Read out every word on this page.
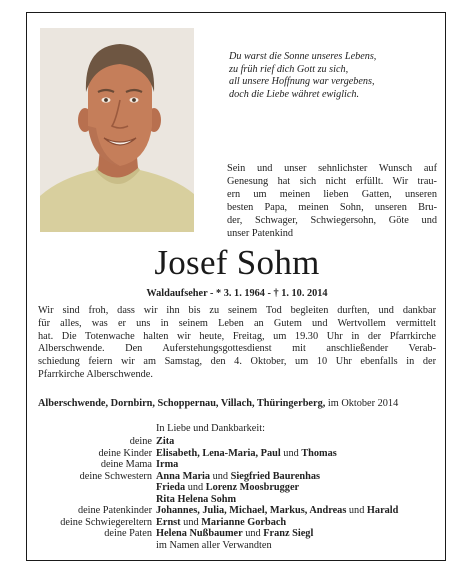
Du warst die Sonne unseres Lebens,
zu früh rief dich Gott zu sich,
all unsere Hoffnung war vergebens,
doch die Liebe währet ewiglich.
Sein und unser sehnlichster Wunsch auf
Genesung hat sich nicht erfüllt. Wir trau-
ern um meinen lieben Gatten, unseren
besten Papa, meinen Sohn, unseren Bru-
der, Schwager, Schwiegersohn, Göte und
unser Patenkind
Josef Sohm
Waldaufseher - * 3. 1. 1964 - † 1. 10. 2014
Wir sind froh, dass wir ihn bis zu seinem Tod begleiten durften, und dankbar
für alles, was er uns in seinem Leben an Gutem und Wertvollem vermittelt
hat. Die Totenwache halten wir heute, Freitag, um 19.30 Uhr in der Pfarrkirche
Alberschwende. Den Auferstehungsgottesdienst mit anschließender Verab-
schiedung feiern wir am Samstag, den 4. Oktober, um 10 Uhr ebenfalls in der
Pfarrkirche Alberschwende.
Alberschwende, Dornbirn, Schoppernau, Villach, Thüringerberg, im Oktober 2014
In Liebe und Dankbarkeit:
deine Zita
deine Kinder Elisabeth, Lena-Maria, Paul und Thomas
deine Mama Irma
deine Schwestern Anna Maria und Siegfried Baurenhas
Frieda und Lorenz Moosbrugger
Rita Helena Sohm
deine Patenkinder Johannes, Julia, Michael, Markus, Andreas und Harald
deine Schwiegereltern Ernst und Marianne Gorbach
deine Paten Helena Nußbaumer und Franz Siegl
im Namen aller Verwandten
